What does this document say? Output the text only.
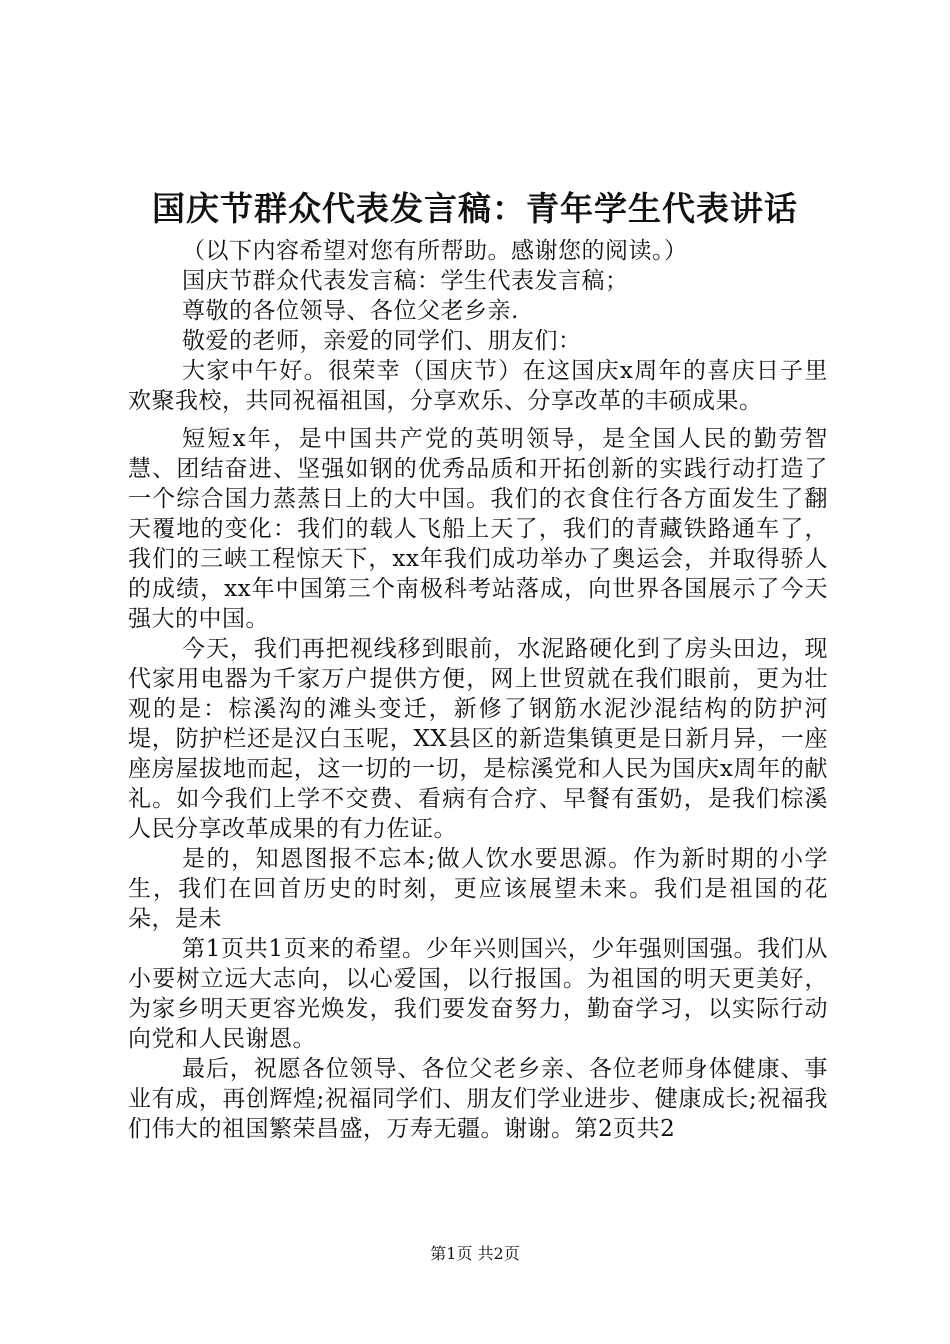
国庆节群众代表发言稿：青年学生代表讲话

（以下内容希望对您有所帮助。感谢您的阅读。）

国庆节群众代表发言稿：学生代表发言稿；

尊敬的各位领导、各位父老乡亲.

敬爱的老师，亲爱的同学们、朋友们：

大家中午好。很荣幸（国庆节）在这国庆x周年的喜庆日子里欢聚我校，共同祝福祖国，分享欢乐、分享改革的丰硕成果。

短短x年，是中国共产党的英明领导，是全国人民的勤劳智慧、团结奋进、坚强如钢的优秀品质和开拓创新的实践行动打造了一个综合国力蒸蒸日上的大中国。我们的衣食住行各方面发生了翻天覆地的变化：我们的载人飞船上天了，我们的青藏铁路通车了，我们的三峡工程惊天下，xx年我们成功举办了奥运会，并取得骄人的成绩，xx年中国第三个南极科考站落成，向世界各国展示了今天强大的中国。

今天，我们再把视线移到眼前，水泥路硬化到了房头田边，现代家用电器为千家万户提供方便，网上世贸就在我们眼前，更为壮观的是：棕溪沟的滩头变迁，新修了钢筋水泥沙混结构的防护河堤，防护栏还是汉白玉呢，XX县区的新造集镇更是日新月异，一座座房屋拔地而起，这一切的一切，是棕溪党和人民为国庆x周年的献礼。如今我们上学不交费、看病有合疗、早餐有蛋奶，是我们棕溪人民分享改革成果的有力佐证。

是的，知恩图报不忘本;做人饮水要思源。作为新时期的小学生，我们在回首历史的时刻，更应该展望未来。我们是祖国的花朵，是未

第1页共1页来的希望。少年兴则国兴，少年强则国强。我们从小要树立远大志向，以心爱国，以行报国。为祖国的明天更美好，为家乡明天更容光焕发，我们要发奋努力，勤奋学习，以实际行动向党和人民谢恩。

最后，祝愿各位领导、各位父老乡亲、各位老师身体健康、事业有成，再创辉煌;祝福同学们、朋友们学业进步、健康成长;祝福我们伟大的祖国繁荣昌盛，万寿无疆。谢谢。第2页共2

第1页 共2页
